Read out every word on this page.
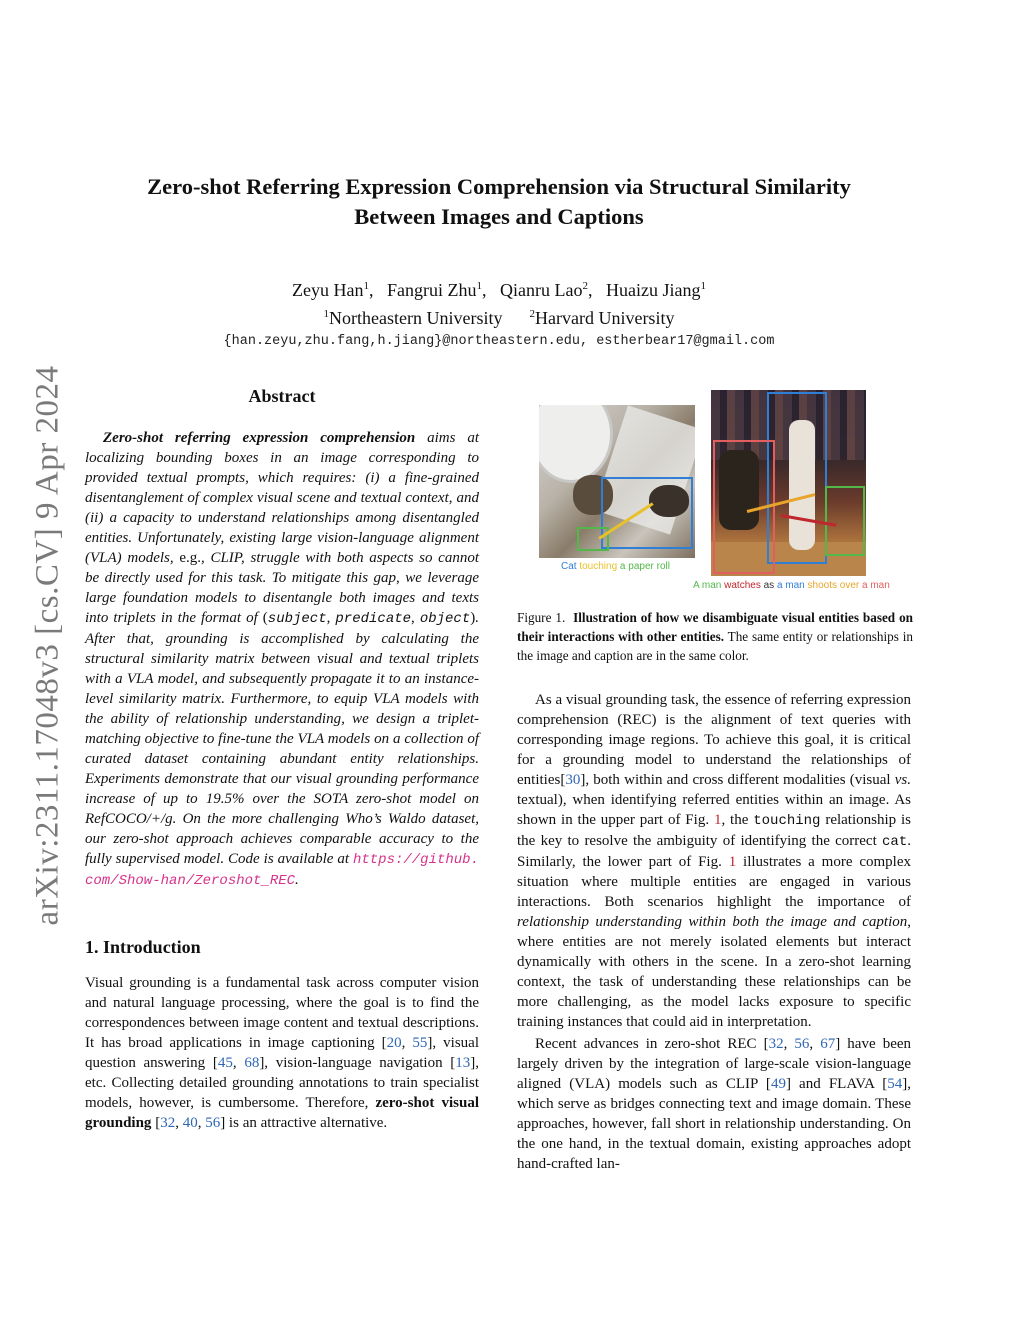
arXiv:2311.17048v3 [cs.CV] 9 Apr 2024
Zero-shot Referring Expression Comprehension via Structural Similarity
Between Images and Captions
Zeyu Han$^1$,   Fangrui Zhu$^1$,   Qianru Lao$^2$,   Huaizu Jiang$^1$
$^1$Northeastern University $^2$Harvard University
{han.zeyu,zhu.fang,h.jiang}@northeastern.edu, estherbear17@gmail.com
Abstract

Zero-shot referring expression comprehension aims at localizing bounding boxes in an image corresponding to provided textual prompts, which requires: (i) a fine-grained disentanglement of complex visual scene and textual context, and (ii) a capacity to understand relationships among disentangled entities. Unfortunately, existing large vision-language alignment (VLA) models, e.g., CLIP, struggle with both aspects so cannot be directly used for this task. To mitigate this gap, we leverage large foundation models to disentangle both images and texts into triplets in the format of (subject, predicate, object). After that, grounding is accomplished by calculating the structural similarity matrix between visual and textual triplets with a VLA model, and subsequently propagate it to an instance-level similarity matrix. Furthermore, to equip VLA models with the ability of relationship understanding, we design a triplet-matching objective to fine-tune the VLA models on a collection of curated dataset containing abundant entity relationships. Experiments demonstrate that our visual grounding performance increase of up to 19.5% over the SOTA zero-shot model on RefCOCO/+/g. On the more challenging Who’s Waldo dataset, our zero-shot approach achieves comparable accuracy to the fully supervised model. Code is available at https://github.com/Show-han/Zeroshot_REC.

1. Introduction

Visual grounding is a fundamental task across computer vision and natural language processing, where the goal is to find the correspondences between image content and textual descriptions. It has broad applications in image captioning [20, 55], visual question answering [45, 68], vision-language navigation [13], etc. Collecting detailed grounding annotations to train specialist models, however, is cumbersome. Therefore, zero-shot visual grounding [32, 40, 56] is an attractive alternative.

Cat touching a paper roll
A man watches as a man shoots over a man
Figure 1. Illustration of how we disambiguate visual entities based on their interactions with other entities. The same entity or relationships in the image and caption are in the same color.

As a visual grounding task, the essence of referring expression comprehension (REC) is the alignment of text queries with corresponding image regions. To achieve this goal, it is critical for a grounding model to understand the relationships of entities[30], both within and cross different modalities (visual vs. textual), when identifying referred entities within an image. As shown in the upper part of Fig. 1, the touching relationship is the key to resolve the ambiguity of identifying the correct cat. Similarly, the lower part of Fig. 1 illustrates a more complex situation where multiple entities are engaged in various interactions. Both scenarios highlight the importance of relationship understanding within both the image and caption, where entities are not merely isolated elements but interact dynamically with others in the scene. In a zero-shot learning context, the task of understanding these relationships can be more challenging, as the model lacks exposure to specific training instances that could aid in interpretation.

Recent advances in zero-shot REC [32, 56, 67] have been largely driven by the integration of large-scale vision-language aligned (VLA) models such as CLIP [49] and FLAVA [54], which serve as bridges connecting text and image domain. These approaches, however, fall short in relationship understanding. On the one hand, in the textual domain, existing approaches adopt hand-crafted lan-
